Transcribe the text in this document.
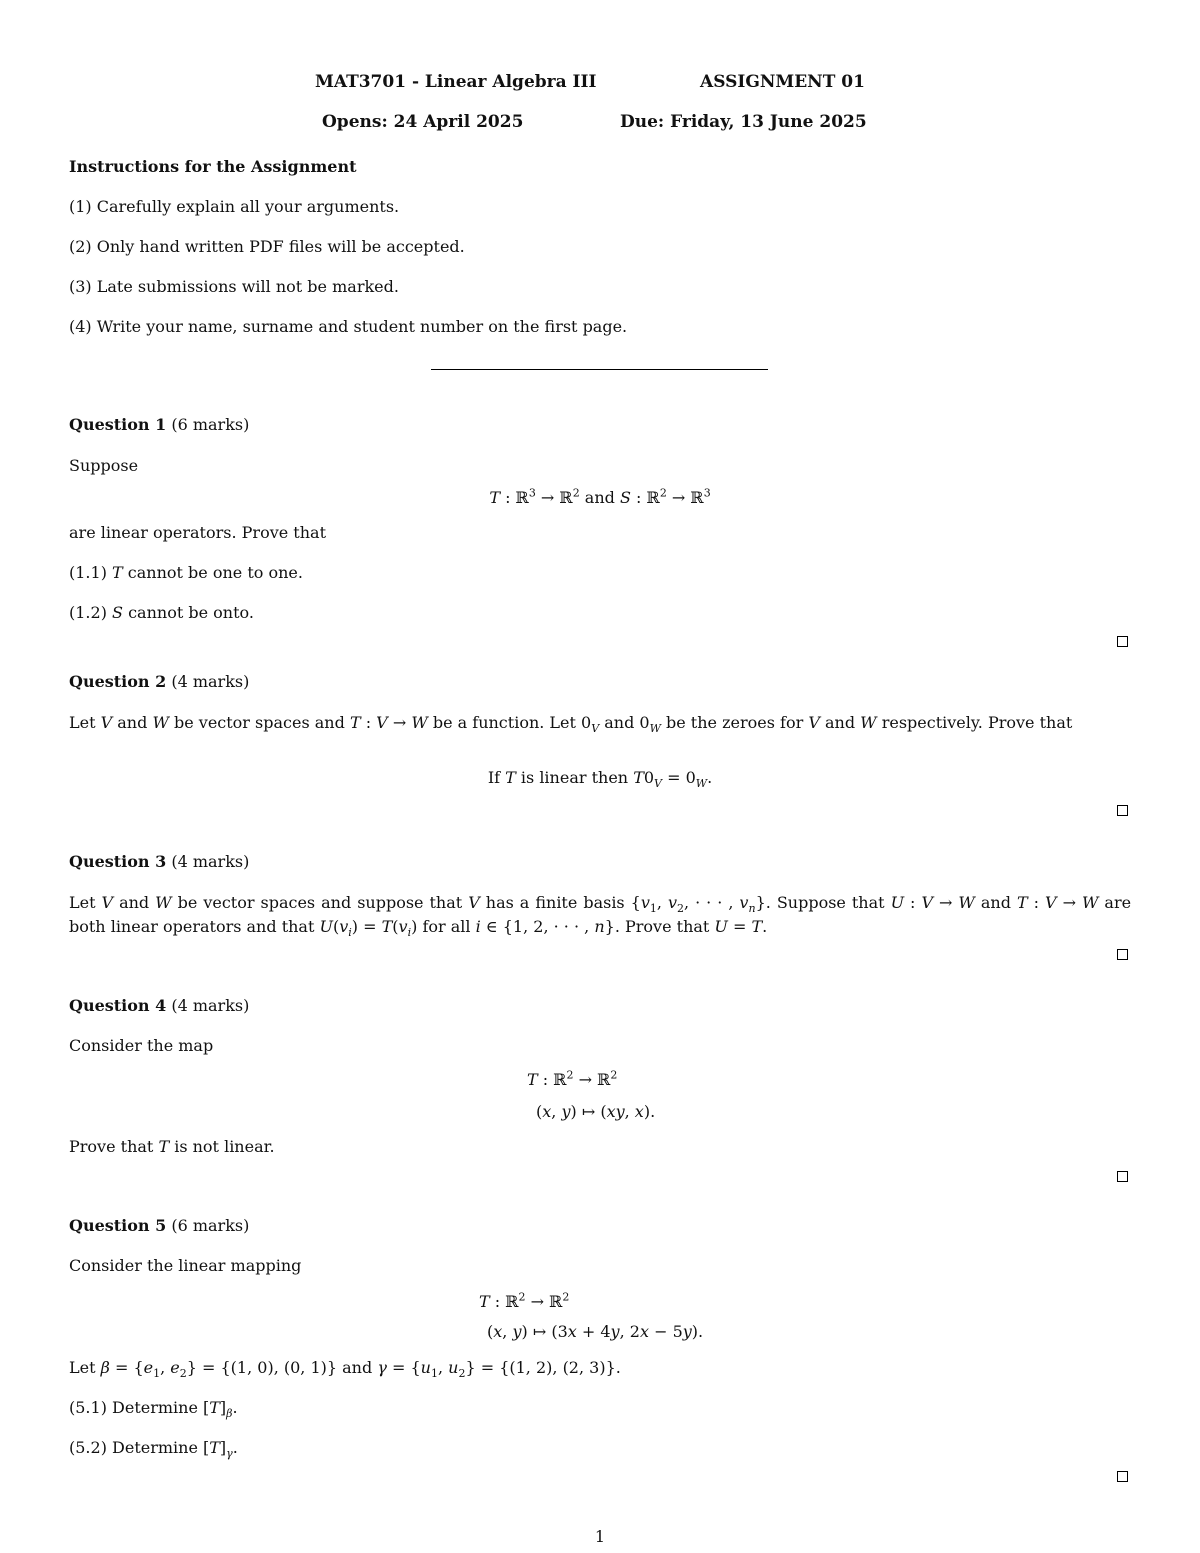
MAT3701 - Linear Algebra III	ASSIGNMENT 01
Opens: 24 April 2025	Due: Friday, 13 June 2025
Instructions for the Assignment
(1) Carefully explain all your arguments.
(2) Only hand written PDF files will be accepted.
(3) Late submissions will not be marked.
(4) Write your name, surname and student number on the first page.
Question 1 (6 marks)
Suppose
T : ℝ$^3$ → ℝ$^2$ and S : ℝ$^2$ → ℝ$^3$
are linear operators. Prove that
(1.1) T cannot be one to one.
(1.2) S cannot be onto.
Question 2 (4 marks)
Let V and W be vector spaces and T : V → W be a function. Let $0_V$ and $0_W$ be the zeroes for V and W respectively. Prove that
If T is linear then $T0_V = 0_W$.
Question 3 (4 marks)
Let V and W be vector spaces and suppose that V has a finite basis {$v_1$, $v_2$, · · · , $v_n$}. Suppose that U : V → W and T : V → W are both linear operators and that $U(v_i) = T(v_i)$ for all i ∈ {1, 2, · · · , n}. Prove that U = T.
Question 4 (4 marks)
Consider the map
T : ℝ$^2$ → ℝ$^2$
(x, y) ↦ (xy, x).
Prove that T is not linear.
Question 5 (6 marks)
Consider the linear mapping
T : ℝ$^2$ → ℝ$^2$
(x, y) ↦ (3x + 4y, 2x − 5y).
Let $\beta = \{e_1$, $e_2\} = \{(1$, 0), (0, 1)} and $\gamma = \{u_1$, $u_2\} = \{(1$, 2), (2, 3)}.
(5.1) Determine $[T]_\beta$.
(5.2) Determine $[T]_\gamma$.
1
